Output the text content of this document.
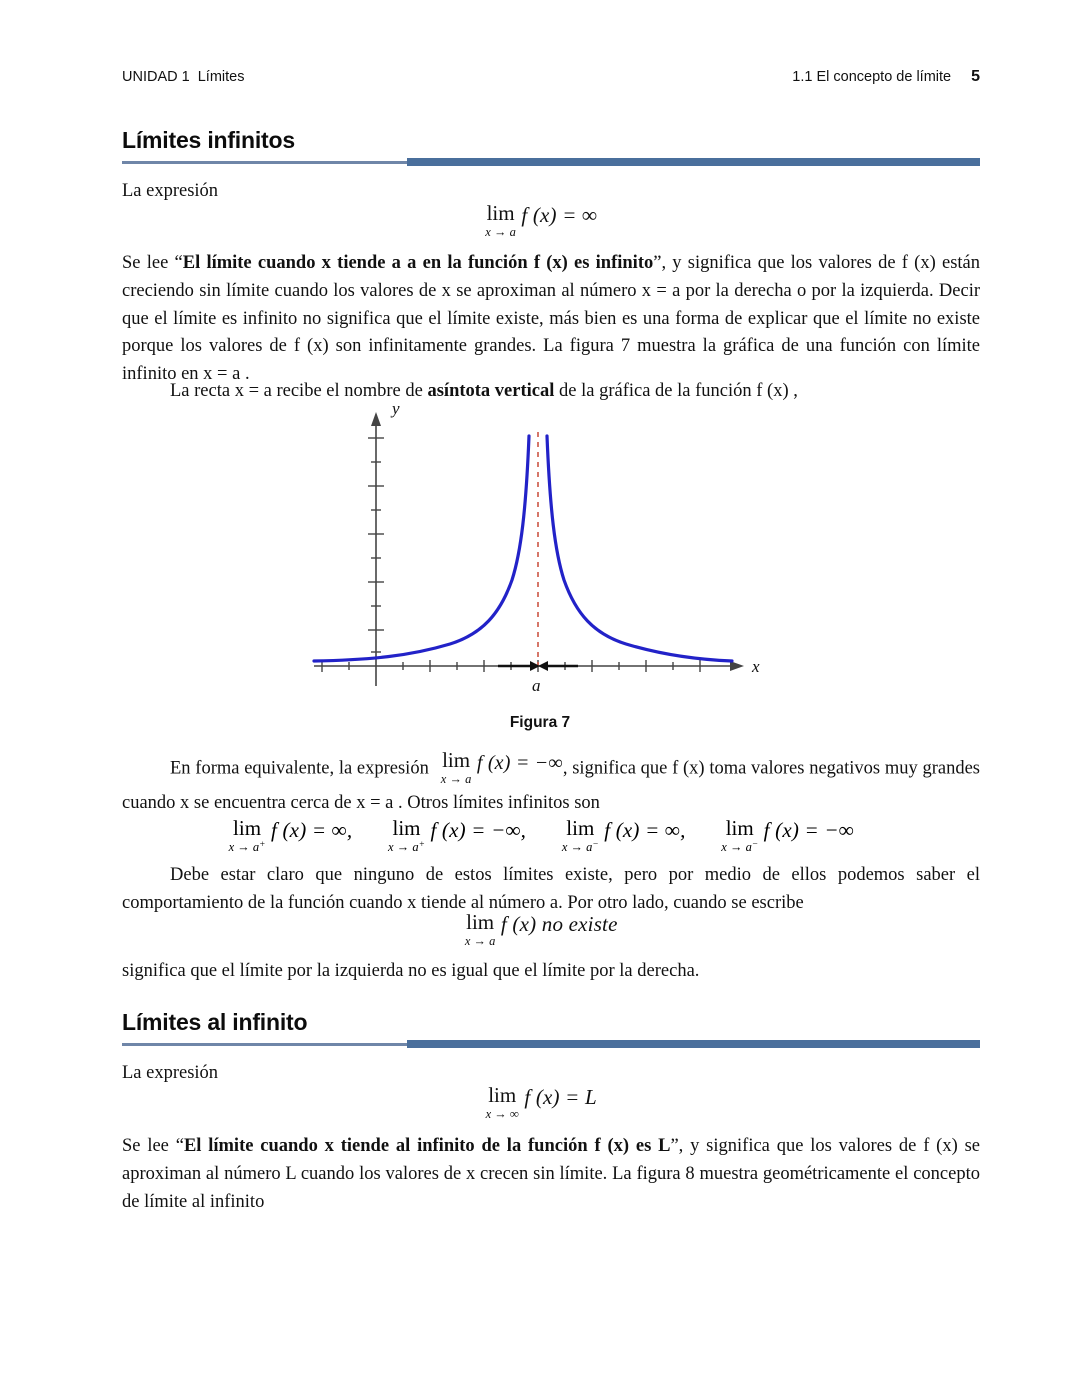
UNIDAD 1  Límites	1.1 El concepto de límite 5
Límites infinitos
La expresión
lim
x → a
f (x) = ∞
Se lee “El límite cuando x tiende a a en la función f (x) es infinito”, y significa que los valores de f (x) están creciendo sin límite cuando los valores de x se aproximan al número x = a por la derecha o por la izquierda. Decir que el límite es infinito no significa que el límite existe, más bien es una forma de explicar que el límite no existe porque los valores de f (x) son infinitamente grandes. La figura 7 muestra la gráfica de una función con límite infinito en x = a .
La recta x = a recibe el nombre de asíntota vertical de la gráfica de la función f (x) ,
y
x
a
Figura 7
En forma equivalente, la expresión lim
x → a
f (x) = −∞, significa que f (x) toma valores negativos muy grandes cuando x se encuentra cerca de x = a . Otros límites infinitos son
lim
x → a+
f (x) = ∞, lim
x → a+
f (x) = −∞, lim
x → a−
f (x) = ∞, lim
x → a−
f (x) = −∞
Debe estar claro que ninguno de estos límites existe, pero por medio de ellos podemos saber el comportamiento de la función cuando x tiende al número a. Por otro lado, cuando se escribe
lim
x → a
f (x) no existe
significa que el límite por la izquierda no es igual que el límite por la derecha.
Límites al infinito
La expresión
lim
x → ∞
f (x) = L
Se lee “El límite cuando x tiende al infinito de la función f (x) es L”, y significa que los valores de f (x) se aproximan al número L cuando los valores de x crecen sin límite. La figura 8 muestra geométricamente el concepto de límite al infinito
